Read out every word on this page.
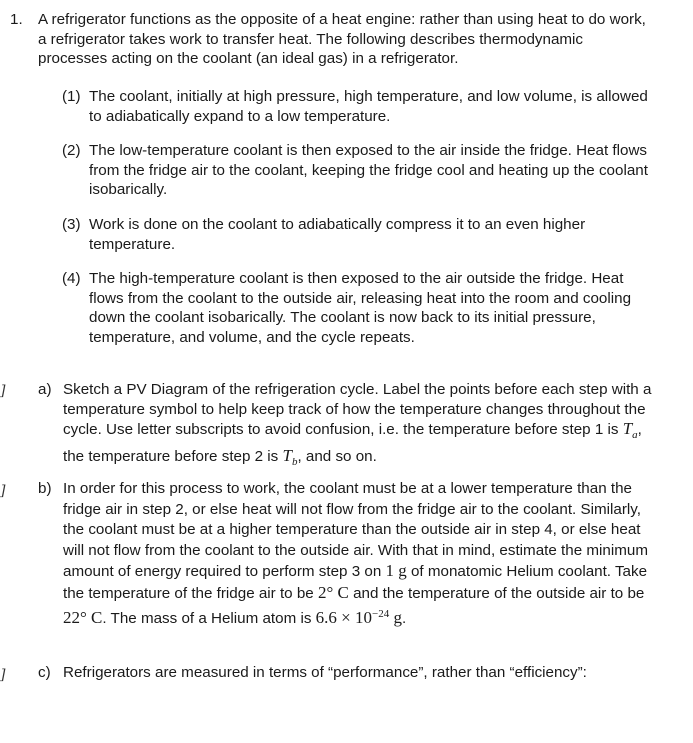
1. A refrigerator functions as the opposite of a heat engine: rather than using heat to do work, a refrigerator takes work to transfer heat. The following describes thermodynamic processes acting on the coolant (an ideal gas) in a refrigerator.
(1) The coolant, initially at high pressure, high temperature, and low volume, is allowed to adiabatically expand to a low temperature.
(2) The low-temperature coolant is then exposed to the air inside the fridge. Heat flows from the fridge air to the coolant, keeping the fridge cool and heating up the coolant isobarically.
(3) Work is done on the coolant to adiabatically compress it to an even higher temperature.
(4) The high-temperature coolant is then exposed to the air outside the fridge. Heat flows from the coolant to the outside air, releasing heat into the room and cooling down the coolant isobarically. The coolant is now back to its initial pressure, temperature, and volume, and the cycle repeats.
] a) Sketch a PV Diagram of the refrigeration cycle. Label the points before each step with a temperature symbol to help keep track of how the temperature changes throughout the cycle. Use letter subscripts to avoid confusion, i.e. the temperature before step 1 is $T_a$, the temperature before step 2 is $T_b$, and so on.
] b) In order for this process to work, the coolant must be at a lower temperature than the fridge air in step 2, or else heat will not flow from the fridge air to the coolant. Similarly, the coolant must be at a higher temperature than the outside air in step 4, or else heat will not flow from the coolant to the outside air. With that in mind, estimate the minimum amount of energy required to perform step 3 on 1 g of monatomic Helium coolant. Take the temperature of the fridge air to be 2° C and the temperature of the outside air to be 22° C. The mass of a Helium atom is $6.6 \times 10^{-24}$ g.
] c) Refrigerators are measured in terms of “performance”, rather than “efficiency”:
